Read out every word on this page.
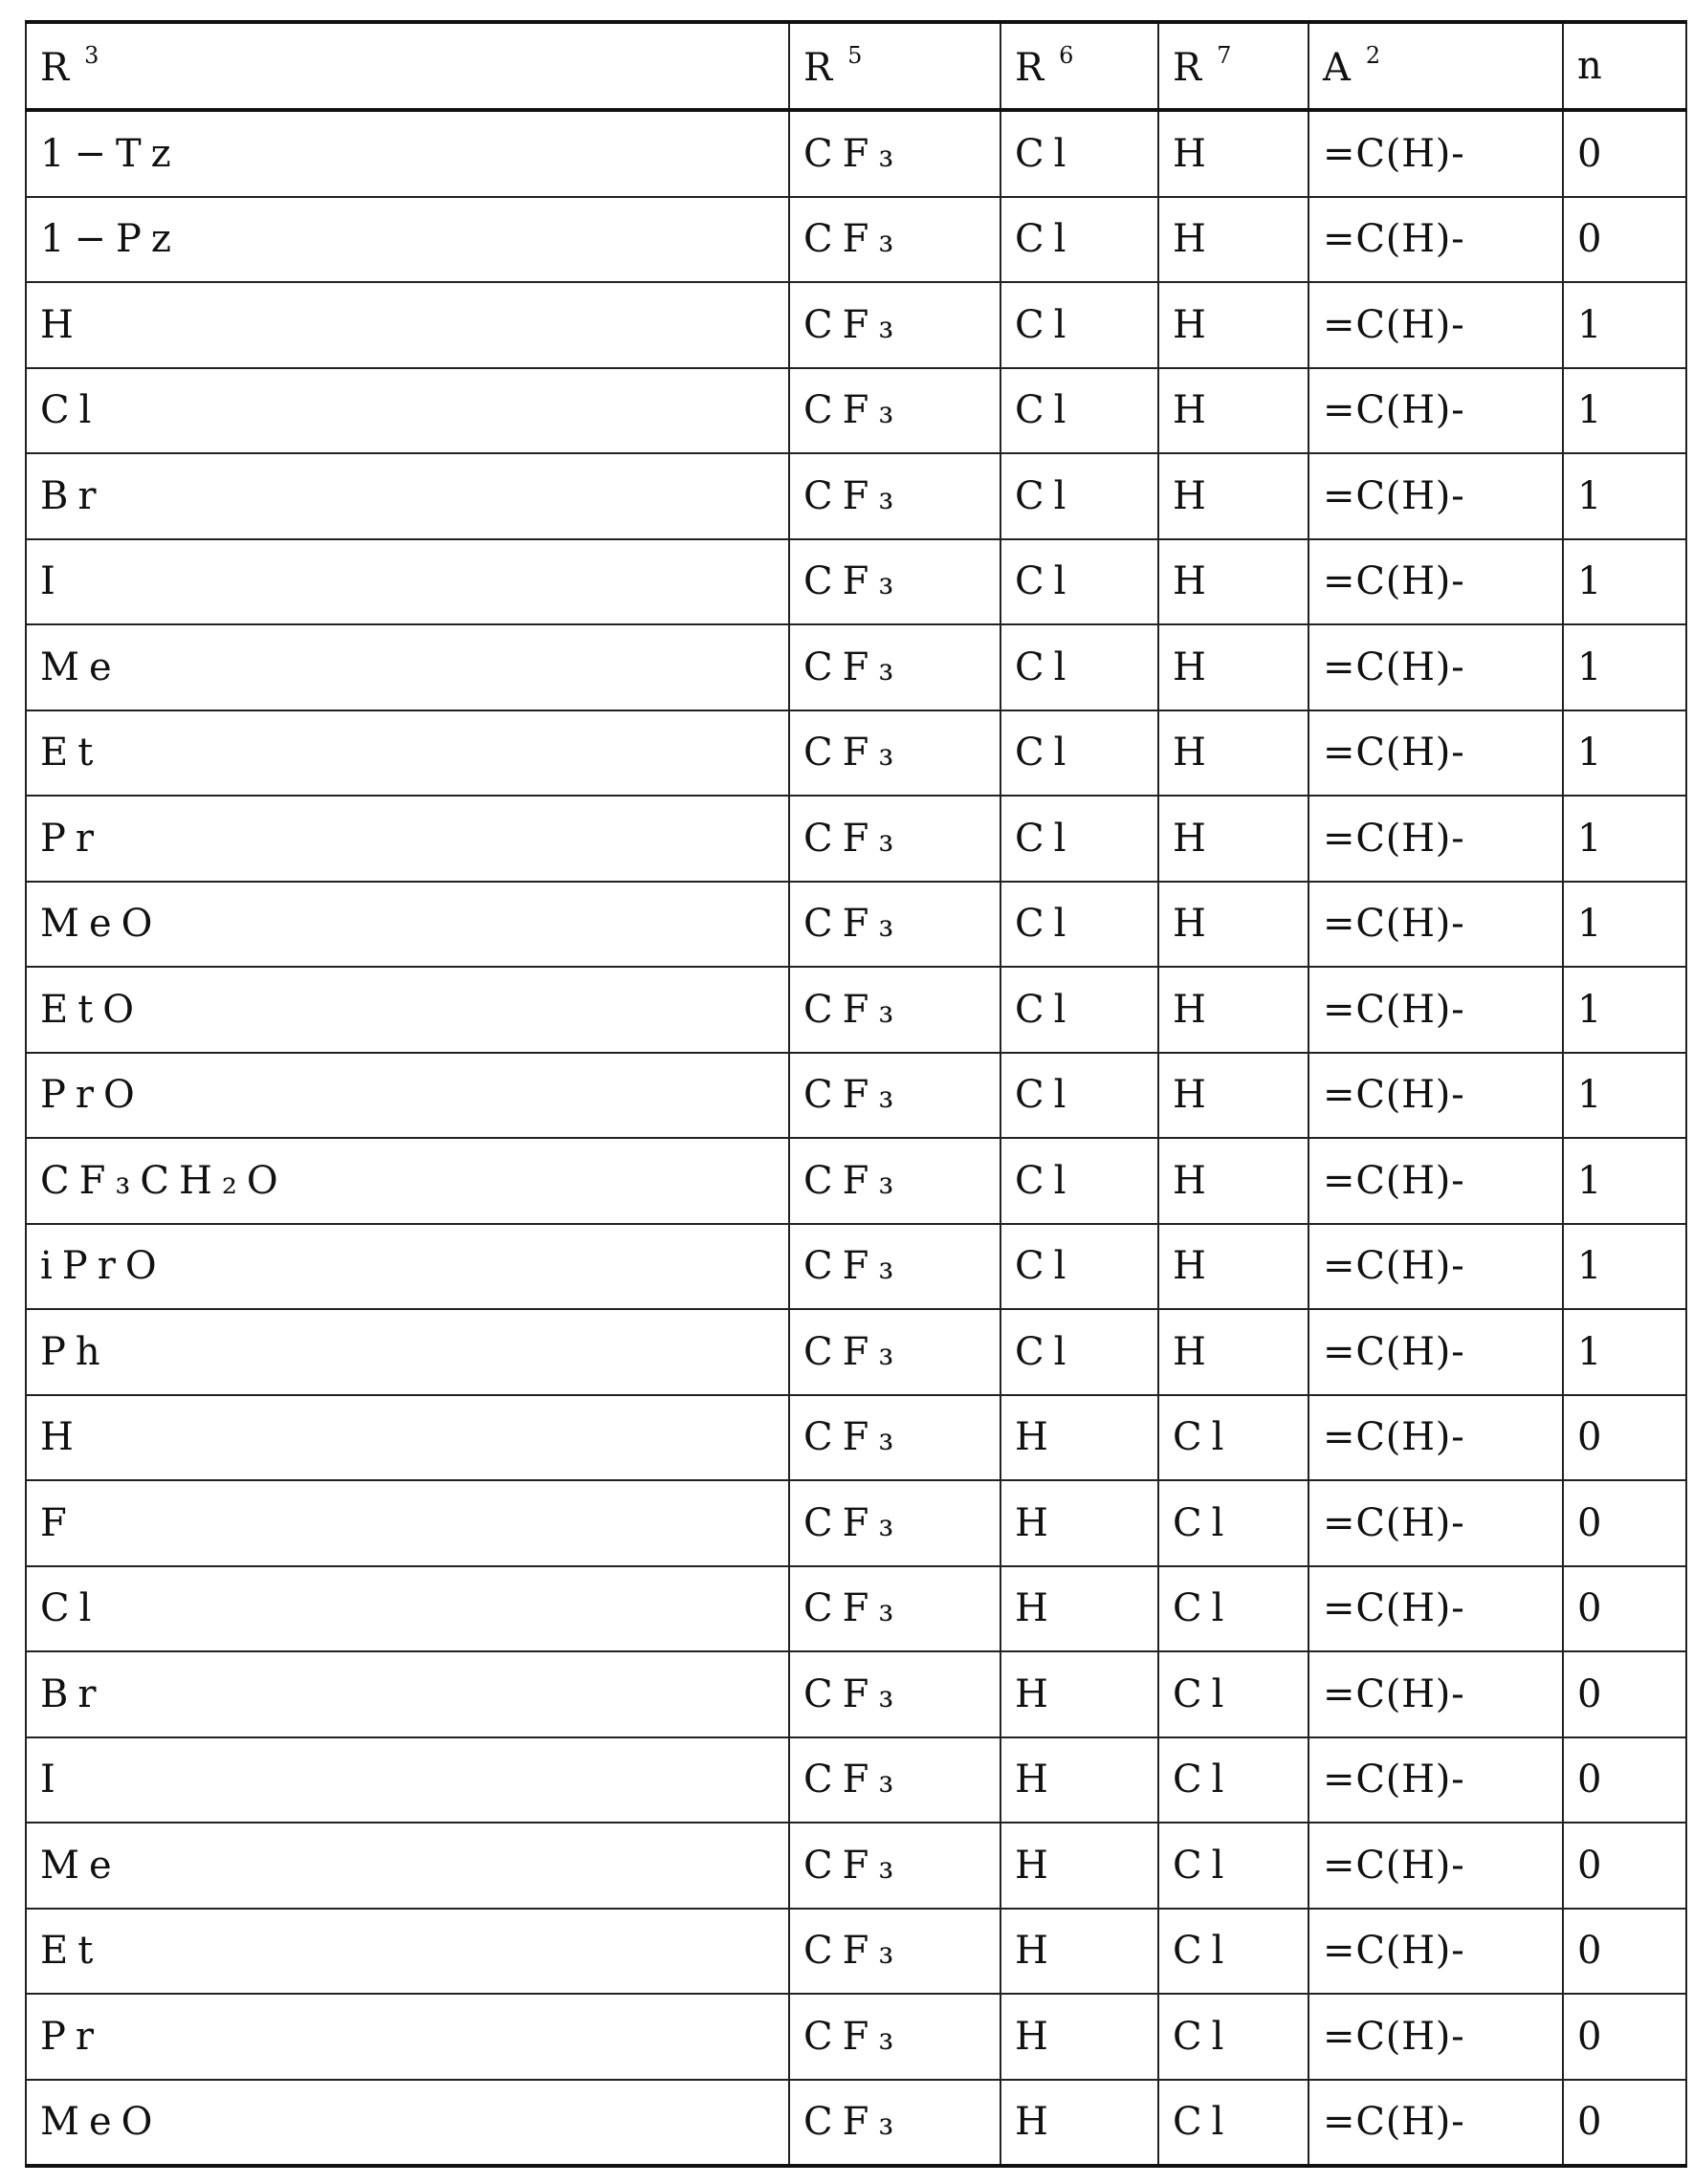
R 3	R 5	R 6	R 7	A 2	n
1−Tz	CF₃	Cl	H	=C(H)-	0
1−Pz	CF₃	Cl	H	=C(H)-	0
H	CF₃	Cl	H	=C(H)-	1
Cl	CF₃	Cl	H	=C(H)-	1
Br	CF₃	Cl	H	=C(H)-	1
I	CF₃	Cl	H	=C(H)-	1
Me	CF₃	Cl	H	=C(H)-	1
Et	CF₃	Cl	H	=C(H)-	1
Pr	CF₃	Cl	H	=C(H)-	1
MeO	CF₃	Cl	H	=C(H)-	1
EtO	CF₃	Cl	H	=C(H)-	1
PrO	CF₃	Cl	H	=C(H)-	1
CF₃CH₂O	CF₃	Cl	H	=C(H)-	1
iPrO	CF₃	Cl	H	=C(H)-	1
Ph	CF₃	Cl	H	=C(H)-	1
H	CF₃	H	Cl	=C(H)-	0
F	CF₃	H	Cl	=C(H)-	0
Cl	CF₃	H	Cl	=C(H)-	0
Br	CF₃	H	Cl	=C(H)-	0
I	CF₃	H	Cl	=C(H)-	0
Me	CF₃	H	Cl	=C(H)-	0
Et	CF₃	H	Cl	=C(H)-	0
Pr	CF₃	H	Cl	=C(H)-	0
MeO	CF₃	H	Cl	=C(H)-	0
